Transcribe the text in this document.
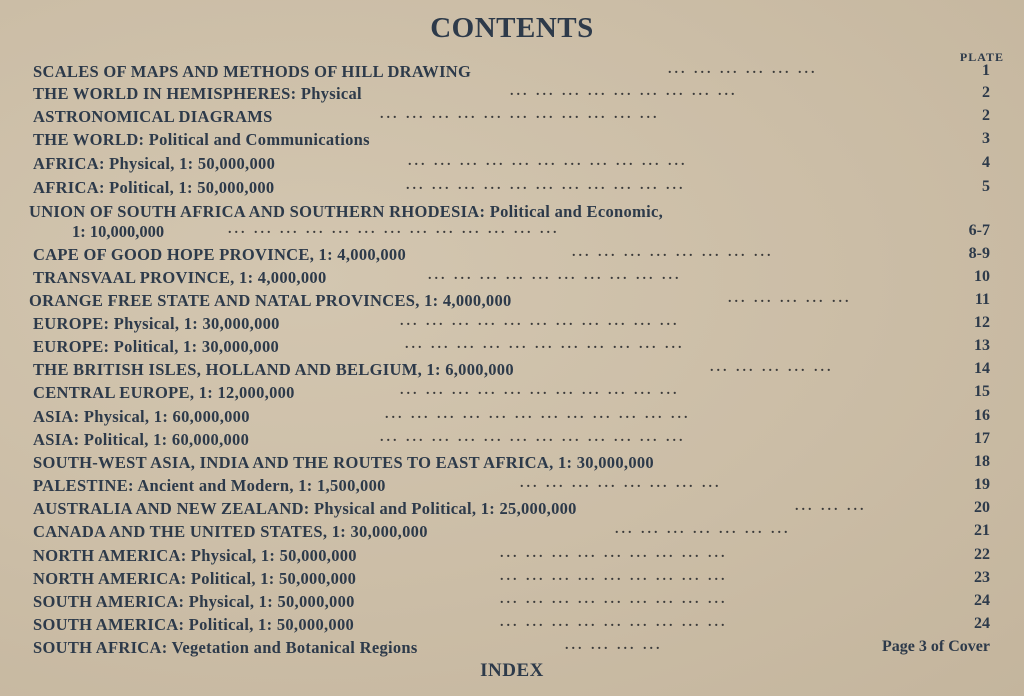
CONTENTS
PLATE
SCALES OF MAPS AND METHODS OF HILL DRAWING	... ... ... ... ... ...	1
THE WORLD IN HEMISPHERES: Physical	... ... ... ... ... ... ... ... ...	2
ASTRONOMICAL DIAGRAMS	... ... ... ... ... ... ... ... ... ... ...	2
THE WORLD: Political and Communications	3
AFRICA: Physical, 1: 50,000,000	... ... ... ... ... ... ... ... ... ... ...	4
AFRICA: Political, 1: 50,000,000	... ... ... ... ... ... ... ... ... ... ...	5
UNION OF SOUTH AFRICA AND SOUTHERN RHODESIA: Political and Economic,
1: 10,000,000	... ... ... ... ... ... ... ... ... ... ... ... ...	6-7
CAPE OF GOOD HOPE PROVINCE, 1: 4,000,000	... ... ... ... ... ... ... ...	8-9
TRANSVAAL PROVINCE, 1: 4,000,000	... ... ... ... ... ... ... ... ... ...	10
ORANGE FREE STATE AND NATAL PROVINCES, 1: 4,000,000	... ... ... ... ...	11
EUROPE: Physical, 1: 30,000,000	... ... ... ... ... ... ... ... ... ... ...	12
EUROPE: Political, 1: 30,000,000	... ... ... ... ... ... ... ... ... ... ...	13
THE BRITISH ISLES, HOLLAND AND BELGIUM, 1: 6,000,000	... ... ... ... ...	14
CENTRAL EUROPE, 1: 12,000,000	... ... ... ... ... ... ... ... ... ... ...	15
ASIA: Physical, 1: 60,000,000	... ... ... ... ... ... ... ... ... ... ... ...	16
ASIA: Political, 1: 60,000,000	... ... ... ... ... ... ... ... ... ... ... ...	17
SOUTH-WEST ASIA, INDIA AND THE ROUTES TO EAST AFRICA, 1: 30,000,000	18
PALESTINE: Ancient and Modern, 1: 1,500,000	... ... ... ... ... ... ... ...	19
AUSTRALIA AND NEW ZEALAND: Physical and Political, 1: 25,000,000	... ... ...	20
CANADA AND THE UNITED STATES, 1: 30,000,000	... ... ... ... ... ... ...	21
NORTH AMERICA: Physical, 1: 50,000,000	... ... ... ... ... ... ... ... ...	22
NORTH AMERICA: Political, 1: 50,000,000	... ... ... ... ... ... ... ... ...	23
SOUTH AMERICA: Physical, 1: 50,000,000	... ... ... ... ... ... ... ... ...	24
SOUTH AMERICA: Political, 1: 50,000,000	... ... ... ... ... ... ... ... ...	24
SOUTH AFRICA: Vegetation and Botanical Regions	... ... ... ...	Page 3 of Cover
INDEX
